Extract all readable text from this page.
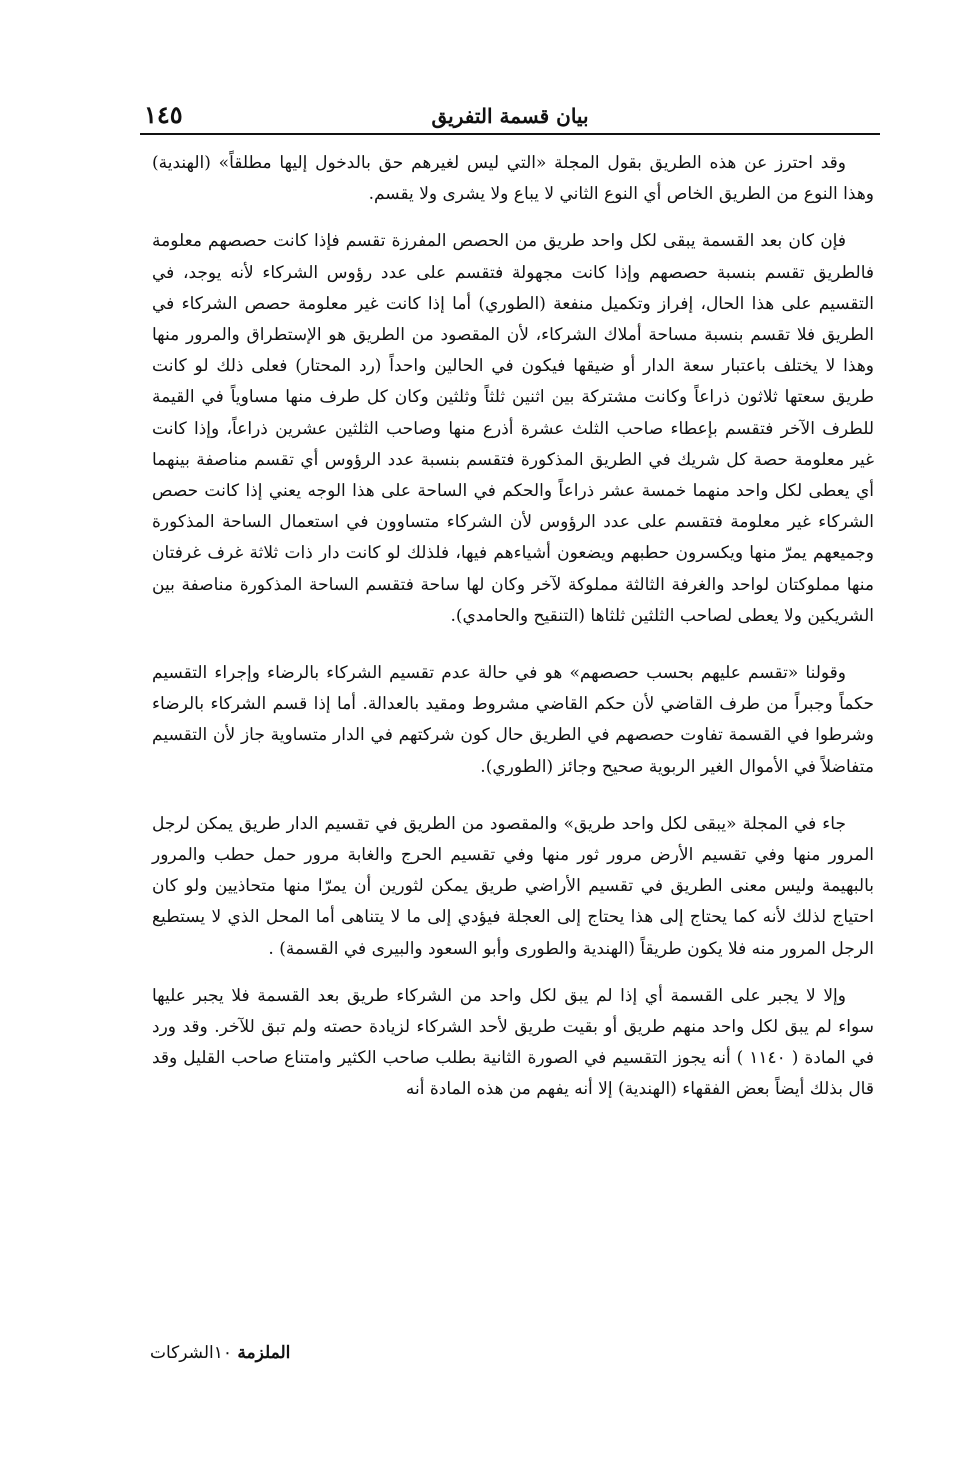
بيان قسمة التفريق
١٤٥

وقد احترز عن هذه الطريق بقول المجلة «التي ليس لغيرهم حق بالدخول إليها مطلقاً» (الهندية) وهذا النوع من الطريق الخاص أي النوع الثاني لا يباع ولا يشرى ولا يقسم.

فإن كان بعد القسمة يبقى لكل واحد طريق من الحصص المفرزة تقسم فإذا كانت حصصهم معلومة فالطريق تقسم بنسبة حصصهم وإذا كانت مجهولة فتقسم على عدد رؤوس الشركاء لأنه يوجد، في التقسيم على هذا الحال، إفراز وتكميل منفعة (الطوري) أما إذا كانت غير معلومة حصص الشركاء في الطريق فلا تقسم بنسبة مساحة أملاك الشركاء، لأن المقصود من الطريق هو الإستطراق والمرور منها وهذا لا يختلف باعتبار سعة الدار أو ضيقها فيكون في الحالين واحداً (رد المحتار) فعلى ذلك لو كانت طريق سعتها ثلاثون ذراعاً وكانت مشتركة بين اثنين ثلثاً وثلثين وكان كل طرف منها مساوياً في القيمة للطرف الآخر فتقسم بإعطاء صاحب الثلث عشرة أذرع منها وصاحب الثلثين عشرين ذراعاً، وإذا كانت غير معلومة حصة كل شريك في الطريق المذكورة فتقسم بنسبة عدد الرؤوس أي تقسم مناصفة بينهما أي يعطى لكل واحد منهما خمسة عشر ذراعاً والحكم في الساحة على هذا الوجه يعني إذا كانت حصص الشركاء غير معلومة فتقسم على عدد الرؤوس لأن الشركاء متساوون في استعمال الساحة المذكورة وجميعهم يمرّ منها ويكسرون حطبهم ويضعون أشياءهم فيها، فلذلك لو كانت دار ذات ثلاثة غرف غرفتان منها مملوكتان لواحد والغرفة الثالثة مملوكة لآخر وكان لها ساحة فتقسم الساحة المذكورة مناصفة بين الشريكين ولا يعطى لصاحب الثلثين ثلثاها (التنقيح والحامدي).

وقولنا «تقسم عليهم بحسب حصصهم» هو في حالة عدم تقسيم الشركاء بالرضاء وإجراء التقسيم حكماً وجبراً من طرف القاضي لأن حكم القاضي مشروط ومقيد بالعدالة. أما إذا قسم الشركاء بالرضاء وشرطوا في القسمة تفاوت حصصهم في الطريق حال كون شركتهم في الدار متساوية جاز لأن التقسيم متفاضلاً في الأموال الغير الربوية صحيح وجائز (الطوري).

جاء في المجلة «يبقى لكل واحد طريق» والمقصود من الطريق في تقسيم الدار طريق يمكن لرجل المرور منها وفي تقسيم الأرض مرور ثور منها وفي تقسيم الحرج والغابة مرور حمل حطب والمرور بالبهيمة وليس معنى الطريق في تقسيم الأراضي طريق يمكن لثورين أن يمرّا منها متحاذيين ولو كان احتياج لذلك لأنه كما يحتاج إلى هذا يحتاج إلى العجلة فيؤدي إلى ما لا يتناهى أما المحل الذي لا يستطيع الرجل المرور منه فلا يكون طريقاً (الهندية والطورى وأبو السعود والبيرى في القسمة) .

وإلا لا يجبر على القسمة أي إذا لم يبق لكل واحد من الشركاء طريق بعد القسمة فلا يجبر عليها سواء لم يبق لكل واحد منهم طريق أو بقيت طريق لأحد الشركاء لزيادة حصته ولم تبق للآخر. وقد ورد في المادة ( ١١٤٠ ) أنه يجوز التقسيم في الصورة الثانية بطلب صاحب الكثير وامتناع صاحب القليل وقد قال بذلك أيضاً بعض الفقهاء (الهندية) إلا أنه يفهم من هذه المادة أنه

الملزمة ١٠الشركات
